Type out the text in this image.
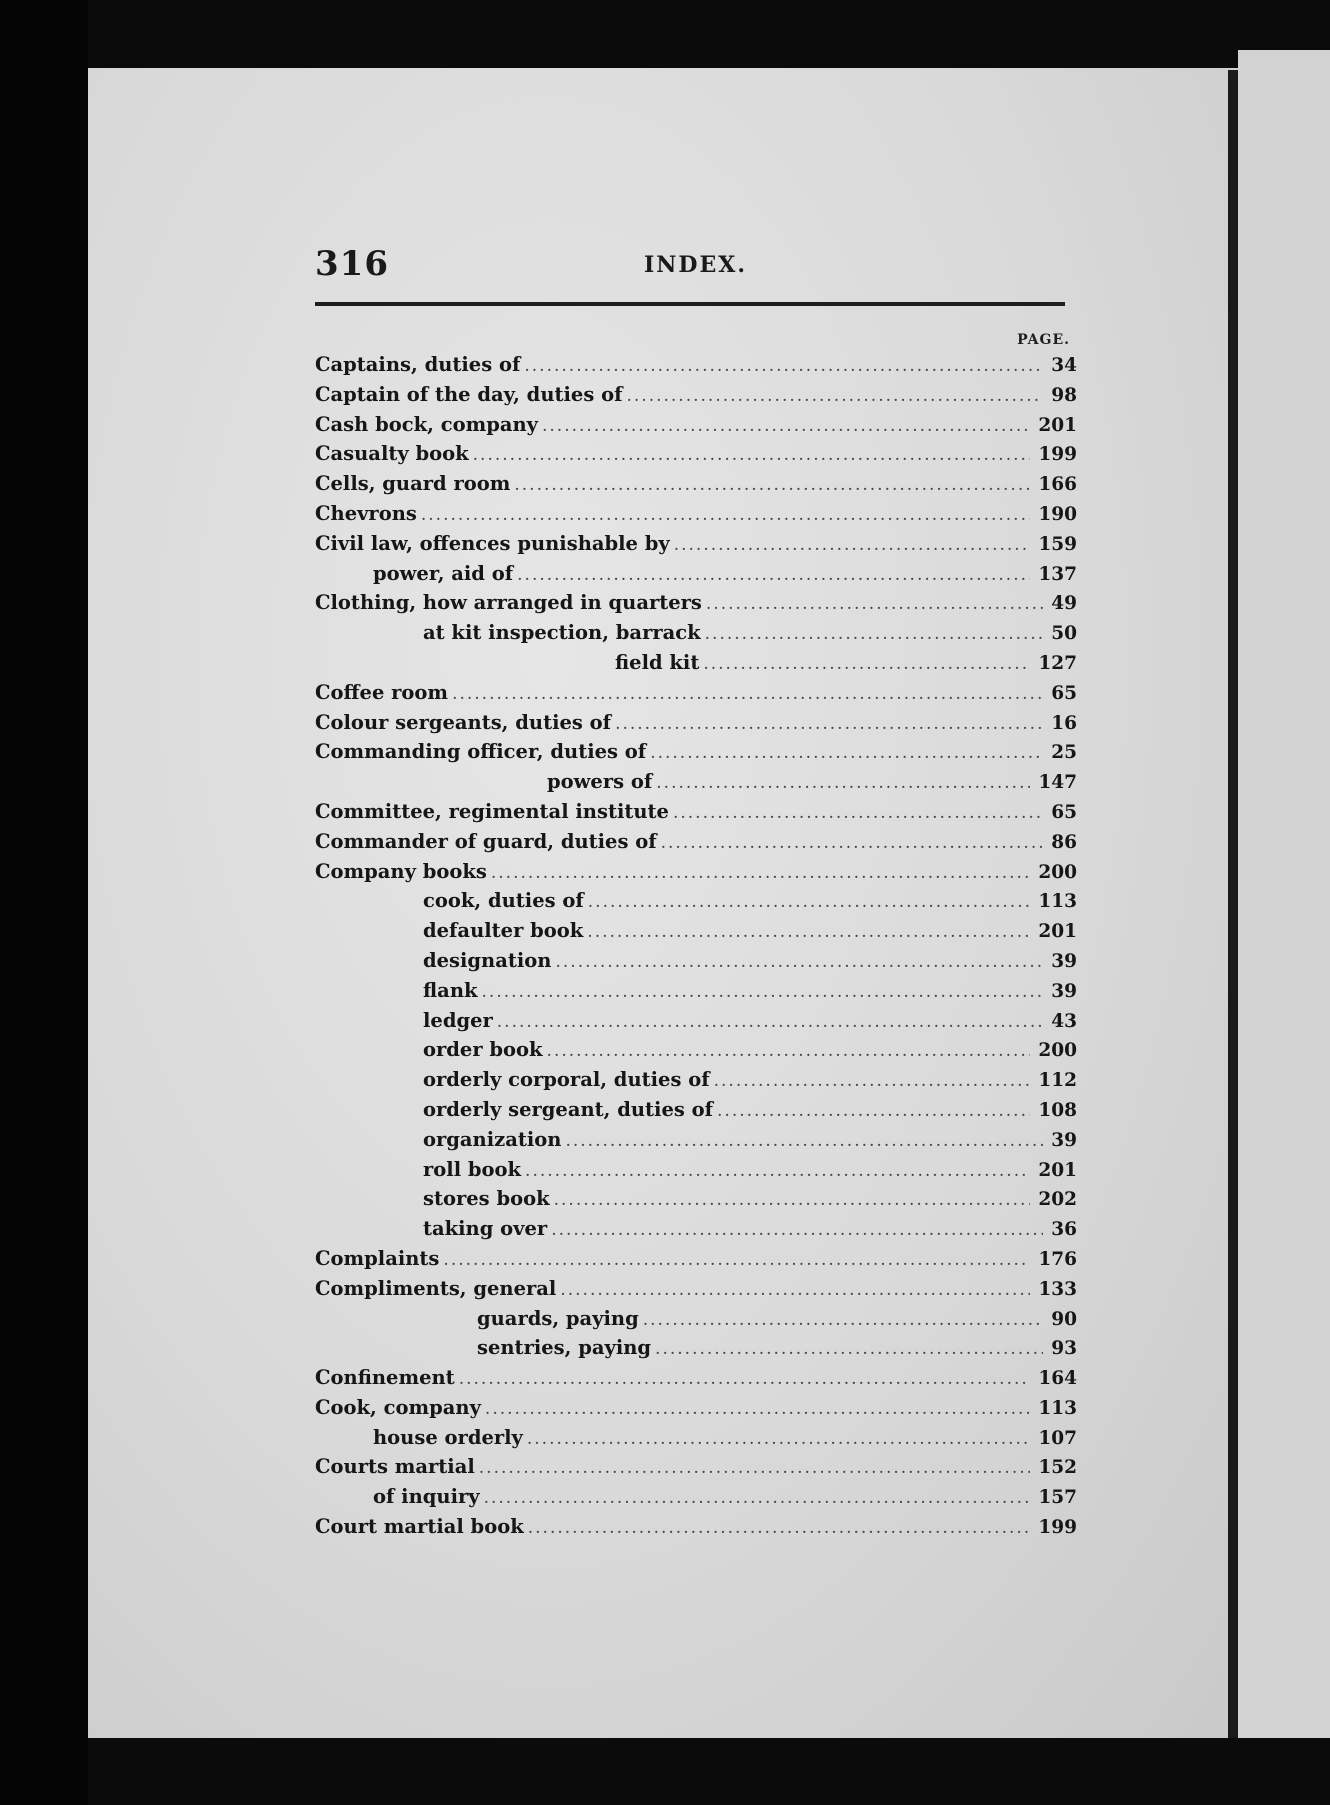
316	INDEX.
PAGE.
Captains, duties of .....	34
Captain of the day, duties of .....	98
Cash bock, company .....	201
Casualty book .....	199
Cells, guard room .....	166
Chevrons .....	190
Civil law, offences punishable by .....	159
power, aid of .....	137
Clothing, how arranged in quarters .....	49
at kit inspection, barrack .....	50
field kit .....	127
Coffee room .....	65
Colour sergeants, duties of .....	16
Commanding officer, duties of .....	25
powers of .....	147
Committee, regimental institute .....	65
Commander of guard, duties of .....	86
Company books .....	200
cook, duties of .....	113
defaulter book .....	201
designation .....	39
flank .....	39
ledger .....	43
order book .....	200
orderly corporal, duties of .....	112
orderly sergeant, duties of .....	108
organization .....	39
roll book .....	201
stores book .....	202
taking over .....	36
Complaints .....	176
Compliments, general .....	133
guards, paying .....	90
sentries, paying .....	93
Confinement .....	164
Cook, company .....	113
house orderly .....	107
Courts martial .....	152
of inquiry .....	157
Court martial book .....	199
